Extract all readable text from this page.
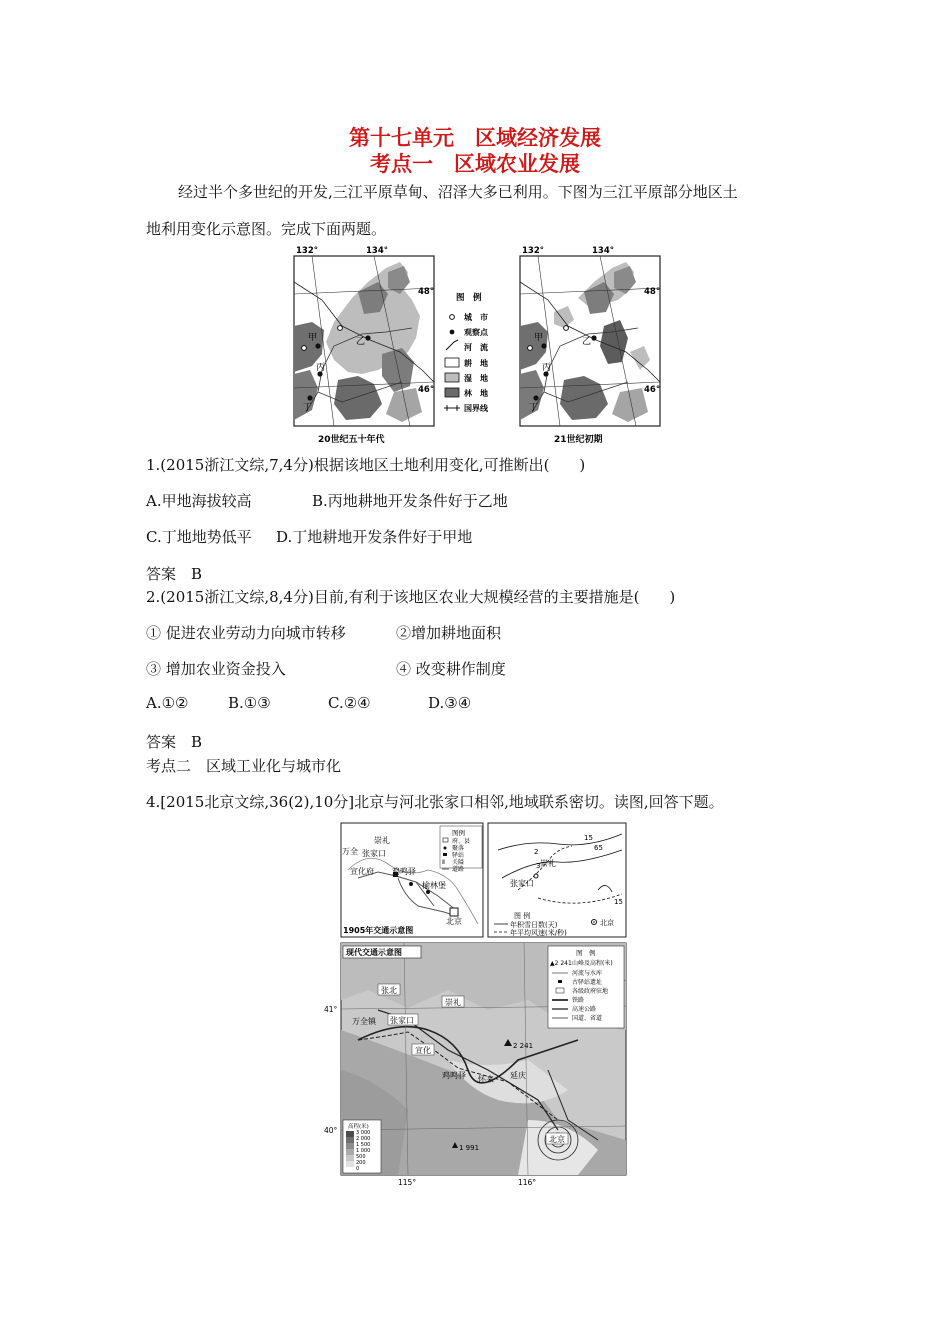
第十七单元　区域经济发展
考点一　区域农业发展
经过半个多世纪的开发,三江平原草甸、沼泽大多已利用。下图为三江平原部分地区土
地利用变化示意图。完成下面两题。
132°	134°
48°
46°
甲	乙
丙
丁
20世纪五十年代
图　例
城　市
观察点
河　流
耕　地
湿　地
林　地
国界线
132°	134°
48°
46°
甲	乙
丙
丁
21世纪初期
1.(2015浙江文综,7,4分)根据该地区土地利用变化,可推断出(　　)
A.甲地海拔较高	B.丙地耕地开发条件好于乙地
C.丁地地势低平 D.丁地耕地开发条件好于甲地
答案　B
2.(2015浙江文综,8,4分)目前,有利于该地区农业大规模经营的主要措施是(　　)
① 促进农业劳动力向城市转移	②增加耕地面积
③ 增加农业资金投入	④ 改变耕作制度
A.①②	B.①③	C.②④	D.③④
答案　B
考点二　区域工业化与城市化
4.[2015北京文综,36(2),10分]北京与河北张家口相邻,地域联系密切。读图,回答下题。
崇礼
万全 张家口
宣化府 鸡鸣驿
榆林堡
北京
图例
府、县
聚落
驿站
Ⅱ 关隘
道路
1905年交通示意图
15
65
2
3
15
张家口
崇礼
图 例
年积雪日数(天)
年平均风速(米/秒)
北京
现代交通示意图
张北
崇礼
万全镇 张家口
宣化
鸡鸣驿 怀来 延庆
北京
2 241
1 991
41°
40°
115°	116°
图　例
▲2 241 山峰及高程(米)
河流与水库
古驿站遗址
各级政府驻地
铁路
高速公路
国道、省道
高程(米)
3 000
2 000
1 500
1 000
500
200
0
